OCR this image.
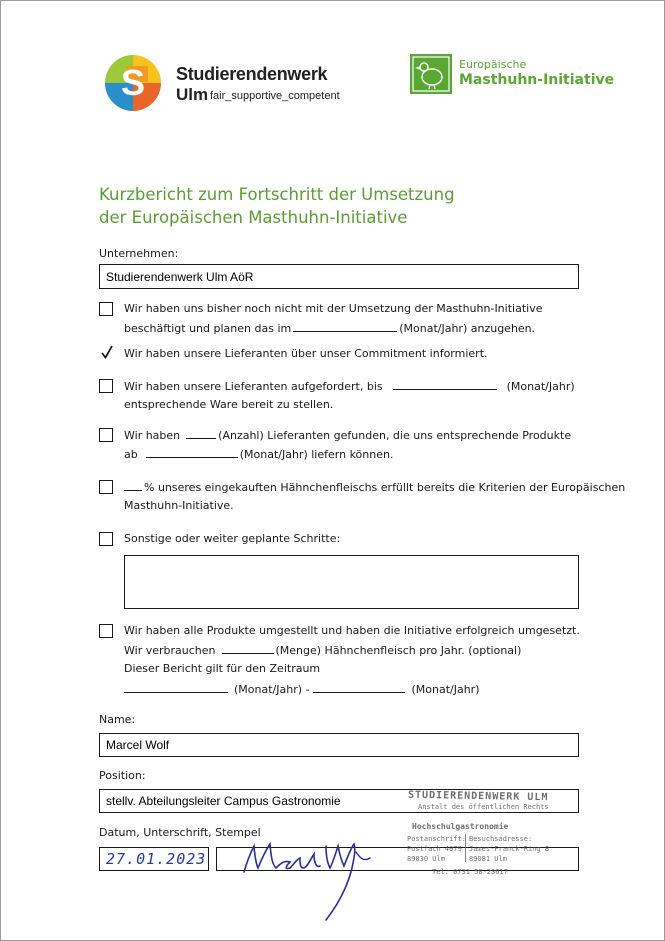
S Studierendenwerk
Ulm fair_supportive_competent
Europäische
Masthuhn-Initiative
Kurzbericht zum Fortschritt der Umsetzung
der Europäischen Masthuhn-Initiative
Unternehmen:
Studierendenwerk Ulm AöR
Wir haben uns bisher noch nicht mit der Umsetzung der Masthuhn-Initiative
beschäftigt und planen das im	(Monat/Jahr) anzugehen.
Wir haben unsere Lieferanten über unser Commitment informiert.
Wir haben unsere Lieferanten aufgefordert, bis	(Monat/Jahr)
entsprechende Ware bereit zu stellen.
Wir haben	(Anzahl) Lieferanten gefunden, die uns entsprechende Produkte
ab	(Monat/Jahr) liefern können.
% unseres eingekauften Hähnchenfleischs erfüllt bereits die Kriterien der Europäischen
Masthuhn-Initiative.
Sonstige oder weiter geplante Schritte:
Wir haben alle Produkte umgestellt und haben die Initiative erfolgreich umgesetzt.
Wir verbrauchen	(Menge) Hähnchenfleisch pro Jahr. (optional)
Dieser Bericht gilt für den Zeitraum
(Monat/Jahr) -	(Monat/Jahr)
Name:
Marcel Wolf
Position:
stellv. Abteilungsleiter Campus Gastronomie
Datum, Unterschrift, Stempel
27.01.2023
STUDIERENDENWERK ULM
Anstalt des öffentlichen Rechts
Hochschulgastronomie
Postanschrift:
Postfach 4079
89030 Ulm
Besuchsadresse:
James-Franck-Ring 8
89081 Ulm
Tel. 0731 50-23617
